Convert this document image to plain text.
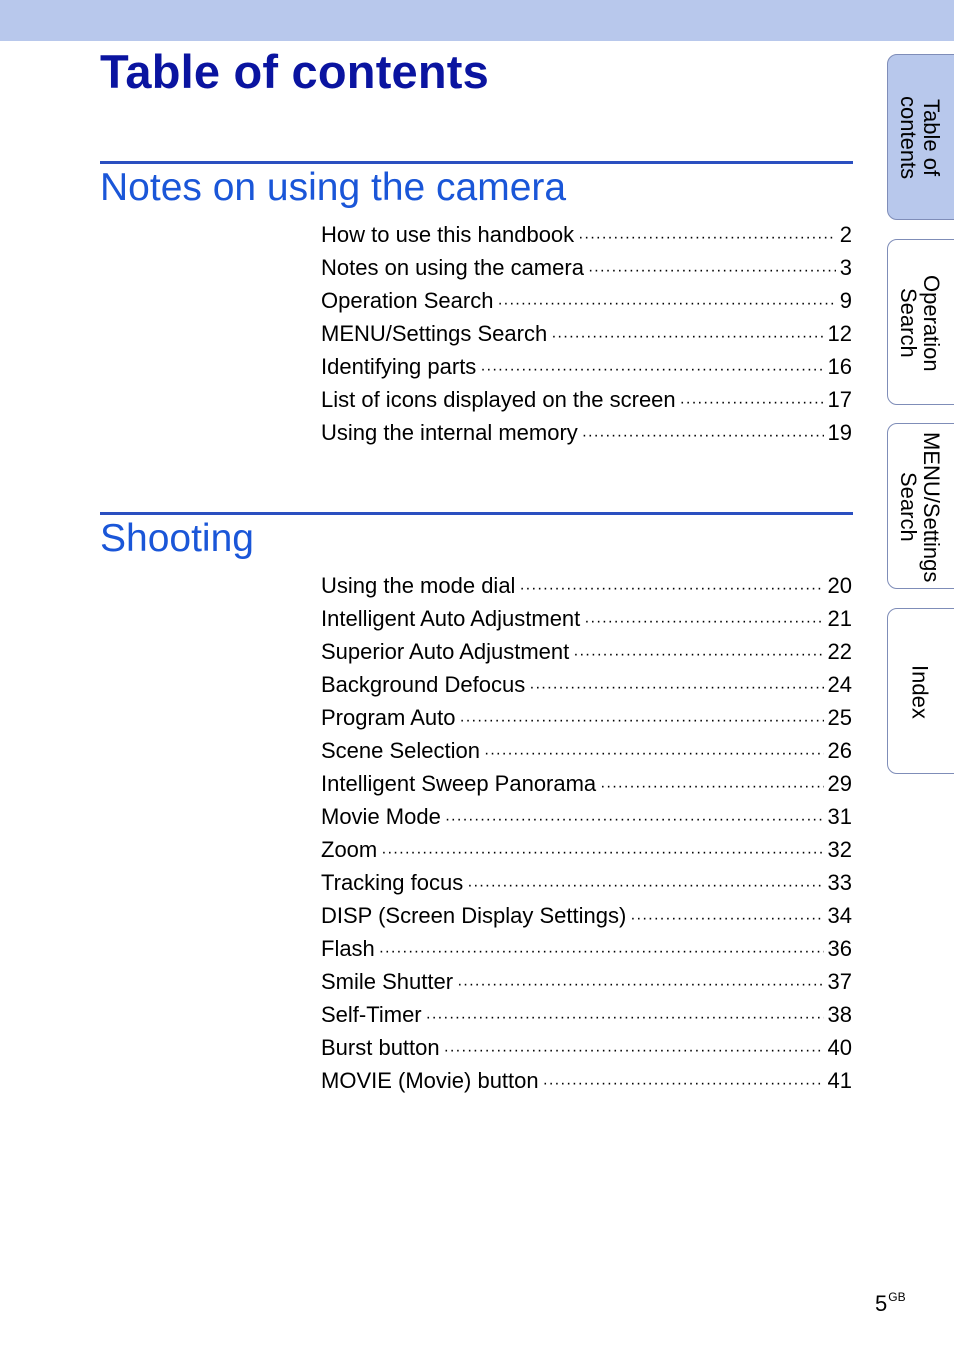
Table of contents
Notes on using the camera
How to use this handbook ·····	2
Notes on using the camera ·····	3
Operation Search ·····	9
MENU/Settings Search ·····	12
Identifying parts ·····	16
List of icons displayed on the screen ·····	17
Using the internal memory ·····	19
Shooting
Using the mode dial ·····	20
Intelligent Auto Adjustment ·····	21
Superior Auto Adjustment ·····	22
Background Defocus ·····	24
Program Auto ·····	25
Scene Selection ·····	26
Intelligent Sweep Panorama ·····	29
Movie Mode ·····	31
Zoom ·····	32
Tracking focus ·····	33
DISP (Screen Display Settings) ·····	34
Flash ·····	36
Smile Shutter ·····	37
Self-Timer ·····	38
Burst button ·····	40
MOVIE (Movie) button ·····	41
Table of
contents
Operation
Search
MENU/Settings
Search
Index
$5^{GB}$
